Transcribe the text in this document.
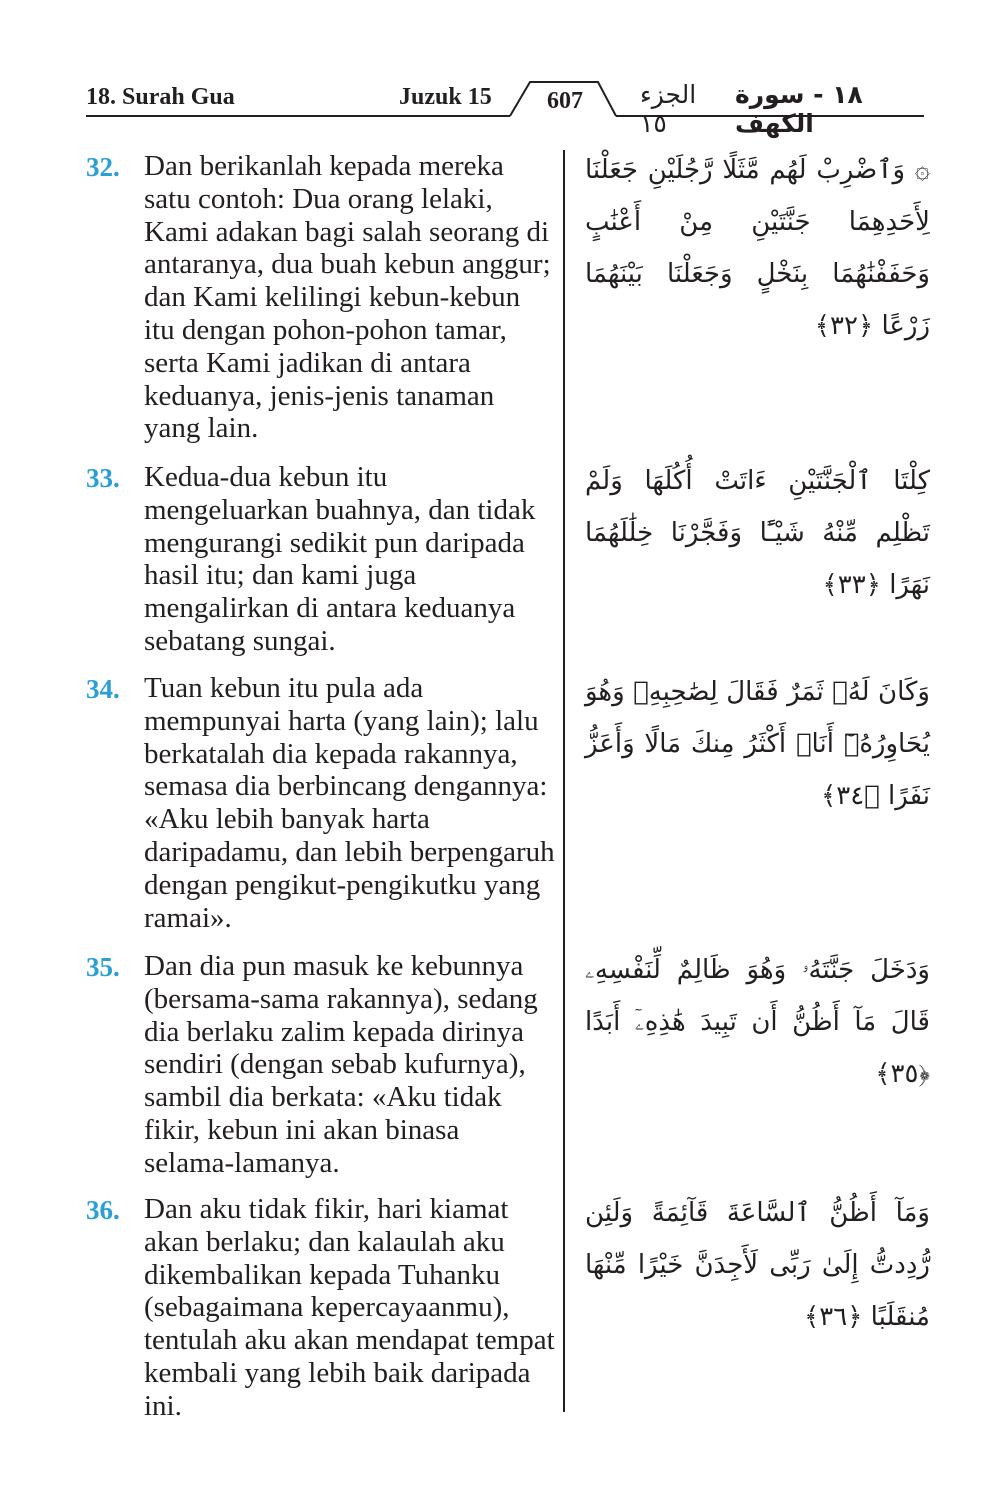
18. Surah Gua	Juzuk 15	607	الجزء ١٥
١٨ - سورة الكهف
32. Dan berikanlah kepada mereka satu contoh: Dua orang lelaki, Kami adakan bagi salah seorang di antaranya, dua buah kebun anggur; dan Kami kelilingi kebun-kebun itu dengan pohon-pohon tamar, serta Kami jadikan di antara keduanya, jenis-jenis tanaman yang lain.
۞ وَٱضْرِبْ لَهُم مَّثَلًا رَّجُلَيْنِ جَعَلْنَا لِأَحَدِهِمَا جَنَّتَيْنِ مِنْ أَعْنَٰبٍ وَحَفَفْنَٰهُمَا بِنَخْلٍ وَجَعَلْنَا بَيْنَهُمَا زَرْعًا ﴿٣٢﴾
33. Kedua-dua kebun itu mengeluarkan buahnya, dan tidak mengurangi sedikit pun daripada hasil itu; dan kami juga mengalirkan di antara keduanya sebatang sungai.
كِلْتَا ٱلْجَنَّتَيْنِ ءَاتَتْ أُكُلَهَا وَلَمْ تَظْلِم مِّنْهُ شَيْـًٔا وَفَجَّرْنَا خِلَٰلَهُمَا نَهَرًا ﴿٣٣﴾
34. Tuan kebun itu pula ada mempunyai harta (yang lain); lalu berkatalah dia kepada rakannya, semasa dia berbincang dengannya: «Aku lebih banyak harta daripadamu, dan lebih berpengaruh dengan pengikut-pengikutku yang ramai».
وَكَانَ لَهُۥ ثَمَرٌ فَقَالَ لِصَٰحِبِهِۦ وَهُوَ يُحَاوِرُهُۥٓ أَنَا۠ أَكْثَرُ مِنكَ مَالًا وَأَعَزُّ نَفَرًا ﴿٣٤﴾
35. Dan dia pun masuk ke kebunnya (bersama-sama rakannya), sedang dia berlaku zalim kepada dirinya sendiri (dengan sebab kufurnya), sambil dia berkata: «Aku tidak fikir, kebun ini akan binasa selama-lamanya.
وَدَخَلَ جَنَّتَهُۥ وَهُوَ ظَالِمٌ لِّنَفْسِهِۦ قَالَ مَآ أَظُنُّ أَن تَبِيدَ هَٰذِهِۦٓ أَبَدًا ﴿٣٥﴾
36. Dan aku tidak fikir, hari kiamat akan berlaku; dan kalaulah aku dikembalikan kepada Tuhanku (sebagaimana kepercayaanmu), tentulah aku akan mendapat tempat kembali yang lebih baik daripada ini.
وَمَآ أَظُنُّ ٱلسَّاعَةَ قَآئِمَةً وَلَئِن رُّدِدتُّ إِلَىٰ رَبِّى لَأَجِدَنَّ خَيْرًا مِّنْهَا مُنقَلَبًا ﴿٣٦﴾
